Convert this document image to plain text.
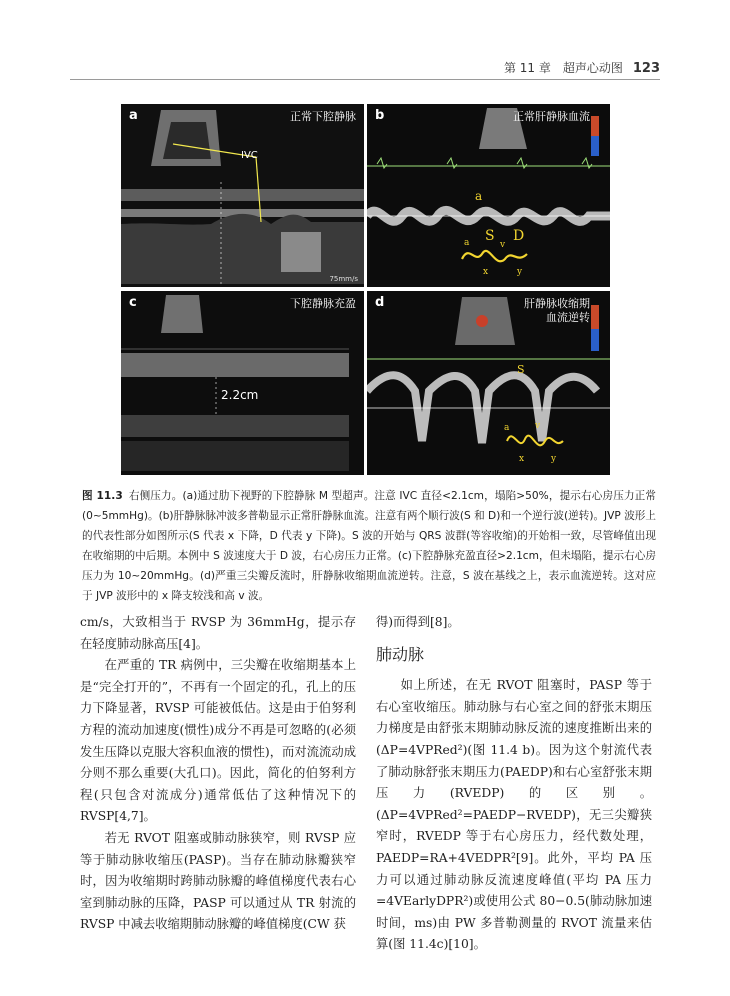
第 11 章　超声心动图 123
a	正常下腔静脉
IVC
75mm/s
b	正常肝静脉血流
a
S D
a
x
v
y
c	下腔静脉充盈
2.2cm
d	肝静脉收缩期
血流逆转
a
S
x
v
y
图 11.3 右侧压力。(a)通过肋下视野的下腔静脉 M 型超声。注意 IVC 直径<2.1cm，塌陷>50%，提示右心房压力正常(0~5mmHg)。(b)肝静脉脉冲波多普勒显示正常肝静脉血流。注意有两个顺行波(S 和 D)和一个逆行波(逆转)。JVP 波形上的代表性部分如图所示(S 代表 x 下降，D 代表 y 下降)。S 波的开始与 QRS 波群(等容收缩)的开始相一致，尽管峰值出现在收缩期的中后期。本例中 S 波速度大于 D 波，右心房压力正常。(c)下腔静脉充盈直径>2.1cm，但未塌陷，提示右心房压力为 10~20mmHg。(d)严重三尖瓣反流时，肝静脉收缩期血流逆转。注意，S 波在基线之上，表示血流逆转。这对应于 JVP 波形中的 x 降支较浅和高 v 波。

cm/s，大致相当于 RVSP 为 36mmHg，提示存在轻度肺动脉高压[4]。

在严重的 TR 病例中，三尖瓣在收缩期基本上是“完全打开的”，不再有一个固定的孔，孔上的压力下降显著，RVSP 可能被低估。这是由于伯努利方程的流动加速度(惯性)成分不再是可忽略的(必须发生压降以克服大容积血液的惯性)，而对流流动成分则不那么重要(大孔口)。因此，简化的伯努利方程(只包含对流成分)通常低估了这种情况下的 RVSP[4,7]。

若无 RVOT 阻塞或肺动脉狭窄，则 RVSP 应等于肺动脉收缩压(PASP)。当存在肺动脉瓣狭窄时，因为收缩期时跨肺动脉瓣的峰值梯度代表右心室到肺动脉的压降，PASP 可以通过从 TR 射流的 RVSP 中减去收缩期肺动脉瓣的峰值梯度(CW 获

得)而得到[8]。

肺动脉

如上所述，在无 RVOT 阻塞时，PASP 等于右心室收缩压。肺动脉与右心室之间的舒张末期压力梯度是由舒张末期肺动脉反流的速度推断出来的(ΔP=4VPRed²)(图 11.4 b)。因为这个射流代表了肺动脉舒张末期压力(PAEDP)和右心室舒张末期压力(RVEDP)的区别。(ΔP=4VPRed²=PAEDP−RVEDP)，无三尖瓣狭窄时，RVEDP 等于右心房压力，经代数处理，PAEDP=RA+4VEDPR²[9]。此外，平均 PA 压力可以通过肺动脉反流速度峰值(平均 PA 压力=4VEarlyDPR²)或使用公式 80−0.5(肺动脉加速时间，ms)由 PW 多普勒测量的 RVOT 流量来估算(图 11.4c)[10]。
